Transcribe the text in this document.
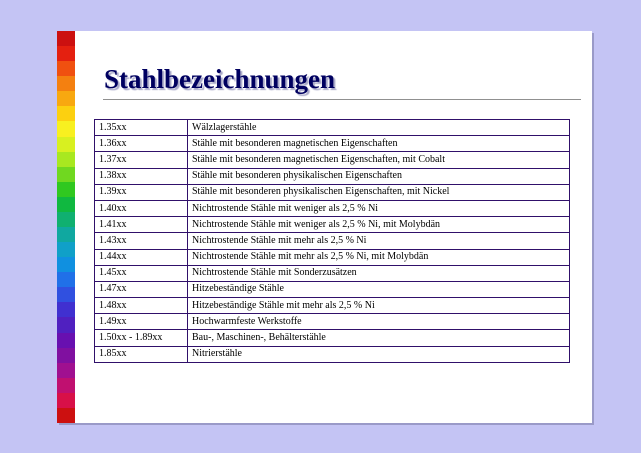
Stahlbezeichnungen
1.35xx	Wälzlagerstähle
1.36xx	Stähle mit besonderen magnetischen Eigenschaften
1.37xx	Stähle mit besonderen magnetischen Eigenschaften, mit Cobalt
1.38xx	Stähle mit besonderen physikalischen Eigenschaften
1.39xx	Stähle mit besonderen physikalischen Eigenschaften, mit Nickel
1.40xx	Nichtrostende Stähle mit weniger als 2,5 % Ni
1.41xx	Nichtrostende Stähle mit weniger als 2,5 % Ni, mit Molybdän
1.43xx	Nichtrostende Stähle mit mehr als 2,5 % Ni
1.44xx	Nichtrostende Stähle mit mehr als 2,5 % Ni, mit Molybdän
1.45xx	Nichtrostende Stähle mit Sonderzusätzen
1.47xx	Hitzebeständige Stähle
1.48xx	Hitzebeständige Stähle mit mehr als 2,5 % Ni
1.49xx	Hochwarmfeste Werkstoffe
1.50xx - 1.89xx	Bau-, Maschinen-, Behälterstähle
1.85xx	Nitrierstähle
